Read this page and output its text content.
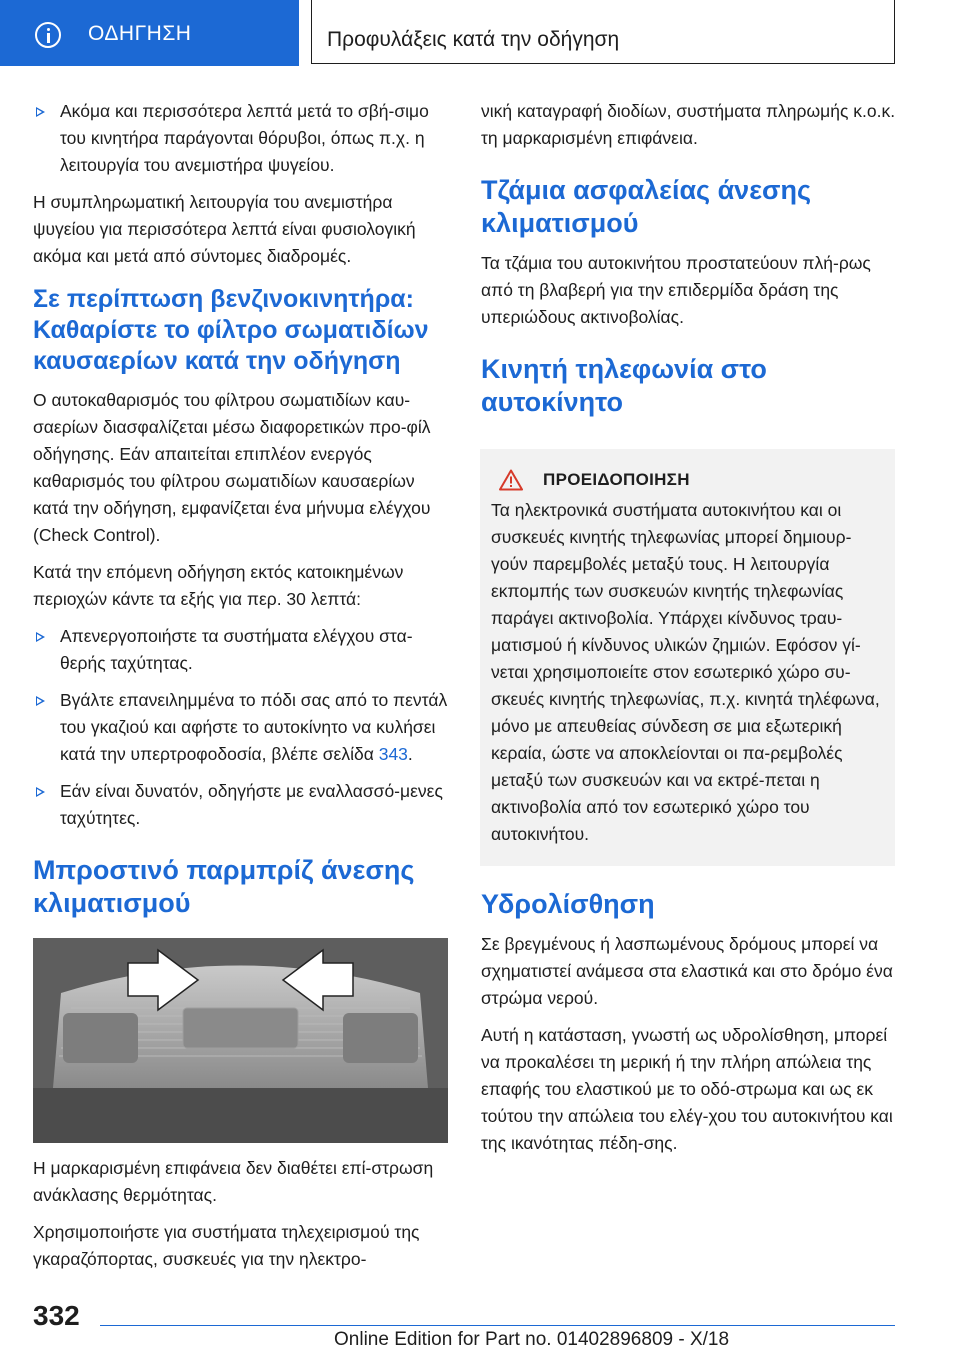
ΟΔΗΓΗΣΗ	Προφυλάξεις κατά την οδήγηση
Ακόμα και περισσότερα λεπτά μετά το σβή-σιμο του κινητήρα παράγονται θόρυβοι, όπως π.χ. η λειτουργία του ανεμιστήρα ψυγείου.

Η συμπληρωματική λειτουργία του ανεμιστήρα ψυγείου για περισσότερα λεπτά είναι φυσιολογική ακόμα και μετά από σύντομες διαδρομές.

Σε περίπτωση βενζινοκινητήρα: Καθαρίστε το φίλτρο σωματιδίων καυσαερίων κατά την οδήγηση

Ο αυτοκαθαρισμός του φίλτρου σωματιδίων καυ-σαερίων διασφαλίζεται μέσω διαφορετικών προ-φίλ οδήγησης. Εάν απαιτείται επιπλέον ενεργός καθαρισμός του φίλτρου σωματιδίων καυσαερίων κατά την οδήγηση, εμφανίζεται ένα μήνυμα ελέγχου (Check Control).

Κατά την επόμενη οδήγηση εκτός κατοικημένων περιοχών κάντε τα εξής για περ. 30 λεπτά:

Απενεργοποιήστε τα συστήματα ελέγχου στα-θερής ταχύτητας.
Βγάλτε επανειλημμένα το πόδι σας από το πεντάλ του γκαζιού και αφήστε το αυτοκίνητο να κυλήσει κατά την υπερτροφοδοσία, βλέπε σελίδα 343.
Εάν είναι δυνατόν, οδηγήστε με εναλλασσό-μενες ταχύτητες.
Μπροστινό παρμπρίζ άνεσης κλιματισμού

Η μαρκαρισμένη επιφάνεια δεν διαθέτει επί-στρωση ανάκλασης θερμότητας.

Χρησιμοποιήστε για συστήματα τηλεχειρισμού της γκαραζόπορτας, συσκευές για την ηλεκτρο-

νική καταγραφή διοδίων, συστήματα πληρωμής κ.ο.κ. τη μαρκαρισμένη επιφάνεια.

Τζάμια ασφαλείας άνεσης κλιματισμού

Τα τζάμια του αυτοκινήτου προστατεύουν πλή-ρως από τη βλαβερή για την επιδερμίδα δράση της υπεριώδους ακτινοβολίας.

Κινητή τηλεφωνία στο αυτοκίνητο
ΠΡΟΕΙΔΟΠΟΙΗΣΗ

Τα ηλεκτρονικά συστήματα αυτοκινήτου και οι συσκευές κινητής τηλεφωνίας μπορεί δημιουρ-γούν παρεμβολές μεταξύ τους. Η λειτουργία εκπομπής των συσκευών κινητής τηλεφωνίας παράγει ακτινοβολία. Υπάρχει κίνδυνος τραυ-ματισμού ή κίνδυνος υλικών ζημιών. Εφόσον γί-νεται χρησιμοποιείτε στον εσωτερικό χώρο συ-σκευές κινητής τηλεφωνίας, π.χ. κινητά τηλέφωνα, μόνο με απευθείας σύνδεση σε μια εξωτερική κεραία, ώστε να αποκλείονται οι πα-ρεμβολές μεταξύ των συσκευών και να εκτρέ-πεται η ακτινοβολία από τον εσωτερικό χώρο του αυτοκινήτου.

Υδρολίσθηση

Σε βρεγμένους ή λασπωμένους δρόμους μπορεί να σχηματιστεί ανάμεσα στα ελαστικά και στο δρόμο ένα στρώμα νερού.

Αυτή η κατάσταση, γνωστή ως υδρολίσθηση, μπορεί να προκαλέσει τη μερική ή την πλήρη απώλεια της επαφής του ελαστικού με το οδό-στρωμα και ως εκ τούτου την απώλεια του ελέγ-χου του αυτοκινήτου και της ικανότητας πέδη-σης.

332
Online Edition for Part no. 01402896809 - X/18
